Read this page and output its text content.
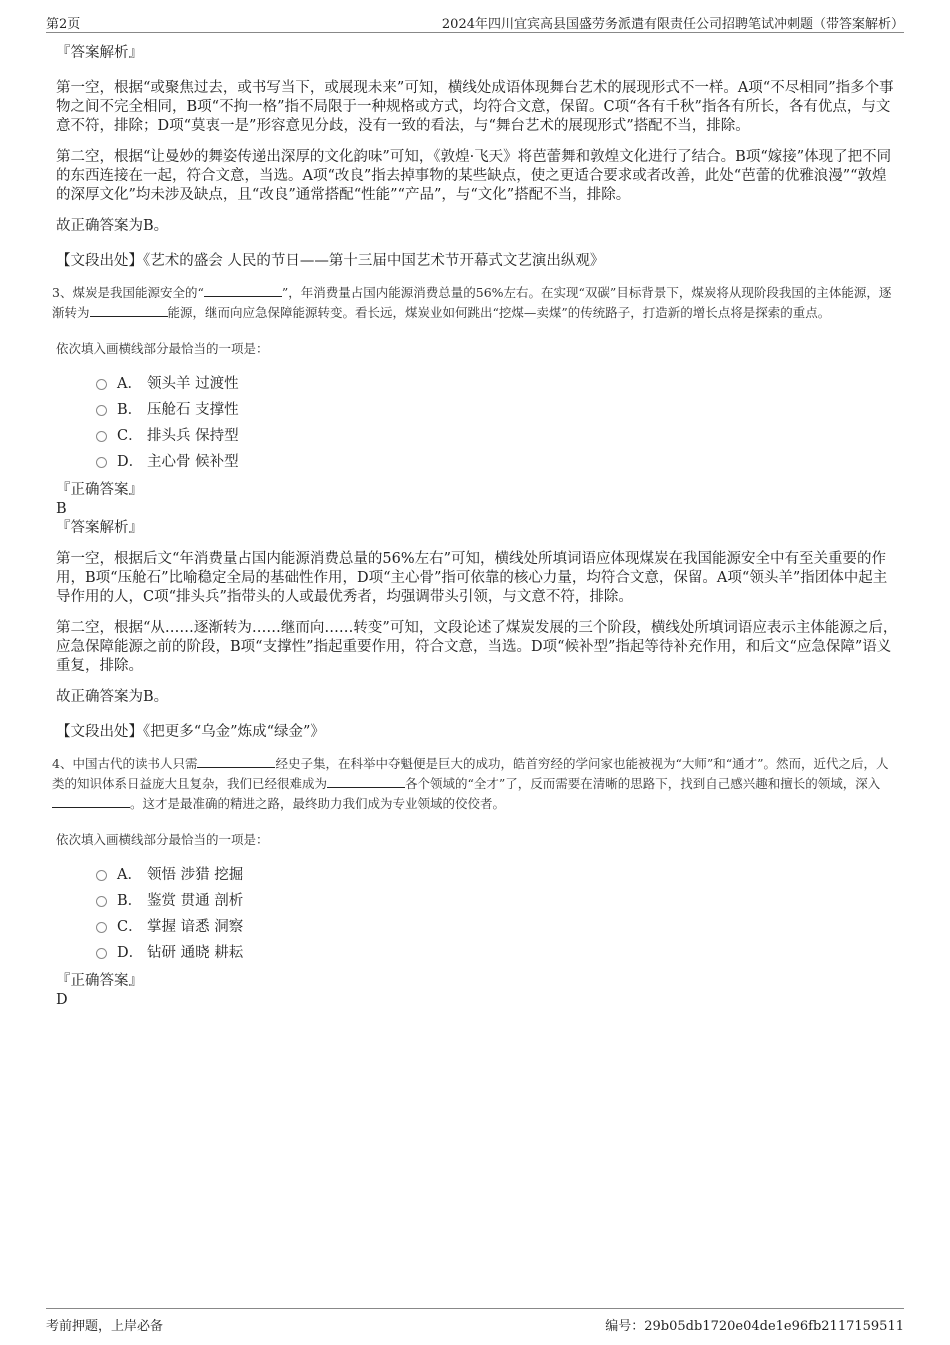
第2页	2024年四川宜宾高县国盛劳务派遣有限责任公司招聘笔试冲刺题（带答案解析）

『答案解析』

第一空，根据“或聚焦过去，或书写当下，或展现未来”可知，横线处成语体现舞台艺术的展现形式不一样。A项“不尽相同”指多个事物之间不完全相同，B项“不拘一格”指不局限于一种规格或方式，均符合文意，保留。C项“各有千秋”指各有所长，各有优点，与文意不符，排除；D项“莫衷一是”形容意见分歧，没有一致的看法，与“舞台艺术的展现形式”搭配不当，排除。

第二空，根据“让曼妙的舞姿传递出深厚的文化韵味”可知，《敦煌·飞天》将芭蕾舞和敦煌文化进行了结合。B项“嫁接”体现了把不同的东西连接在一起，符合文意，当选。A项“改良”指去掉事物的某些缺点，使之更适合要求或者改善，此处“芭蕾的优雅浪漫”“敦煌的深厚文化”均未涉及缺点，且“改良”通常搭配“性能”“产品”，与“文化”搭配不当，排除。

故正确答案为B。

【文段出处】《艺术的盛会 人民的节日——第十三届中国艺术节开幕式文艺演出纵观》

3、煤炭是我国能源安全的“	”，年消费量占国内能源消费总量的56%左右。在实现“双碳”目标背景下，煤炭将从现阶段我国的主体能源，逐渐转为	能源，继而向应急保障能源转变。看长远，煤炭业如何跳出“挖煤—卖煤”的传统路子，打造新的增长点将是探索的重点。

依次填入画横线部分最恰当的一项是：

A． 领头羊 过渡性
B． 压舱石 支撑性
C． 排头兵 保持型
D． 主心骨 候补型

『正确答案』

B

『答案解析』

第一空，根据后文“年消费量占国内能源消费总量的56%左右”可知，横线处所填词语应体现煤炭在我国能源安全中有至关重要的作用，B项“压舱石”比喻稳定全局的基础性作用，D项“主心骨”指可依靠的核心力量，均符合文意，保留。A项“领头羊”指团体中起主导作用的人，C项“排头兵”指带头的人或最优秀者，均强调带头引领，与文意不符，排除。

第二空，根据“从……逐渐转为……继而向……转变”可知，文段论述了煤炭发展的三个阶段，横线处所填词语应表示主体能源之后，应急保障能源之前的阶段，B项“支撑性”指起重要作用，符合文意，当选。D项“候补型”指起等待补充作用，和后文“应急保障”语义重复，排除。

故正确答案为B。

【文段出处】《把更多“乌金”炼成“绿金”》

4、中国古代的读书人只需	经史子集，在科举中夺魁便是巨大的成功，皓首穷经的学问家也能被视为“大师”和“通才”。然而，近代之后，人类的知识体系日益庞大且复杂，我们已经很难成为	各个领域的“全才”了，反而需要在清晰的思路下，找到自己感兴趣和擅长的领域，深入。这才是最准确的精进之路，最终助力我们成为专业领域的佼佼者。

依次填入画横线部分最恰当的一项是：

A． 领悟 涉猎 挖掘
B． 鉴赏 贯通 剖析
C． 掌握 谙悉 洞察
D． 钻研 通晓 耕耘

『正确答案』

D

考前押题，上岸必备	编号：29b05db1720e04de1e96fb2117159511
